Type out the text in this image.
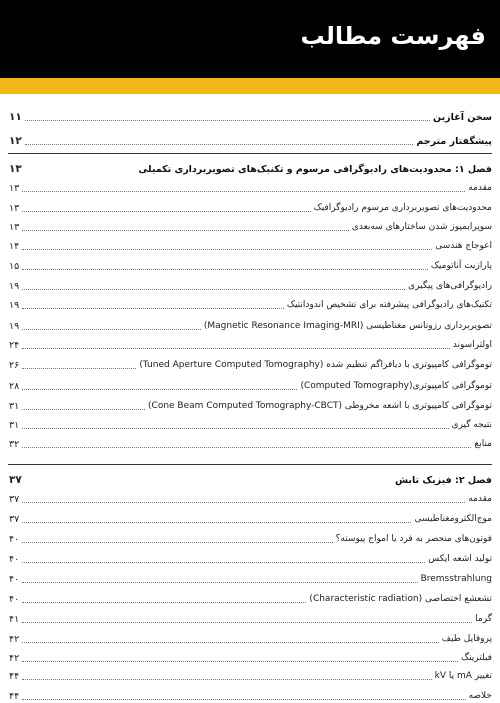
فهرست مطالب
سخن آغازین
۱۱
پیشگفتار مترجم
۱۲
فصل ۱: محدودیت‌های رادیوگرافی مرسوم و تکنیک‌های تصویربرداری تکمیلی
۱۳
مقدمه
۱۳
محدودیت‌های تصویربرداری مرسوم رادیوگرافیک
۱۳
سوپرایمپوز شدن ساختارهای سه‌بعدی
۱۳
اعوجاج هندسی
۱۴
پارازیت آناتومیک
۱۵
رادیوگرافی‌های پیگیری
۱۹
تکنیک‌های رادیوگرافی پیشرفته برای تشخیص اندودانتیک
۱۹
تصویربرداری رزونانس مغناطیسی (Magnetic Resonance Imaging-MRI)
۱۹
اولتراسوند
۲۴
توموگرافی کامپیوتری با دیافراگم تنظیم شده (Tuned Aperture Computed Tomography)
۲۶
توموگرافی کامپیوتری(Computed Tomography)
۲۸
توموگرافی کامپیوتری با اشعه مخروطی (Cone Beam Computed Tomography-CBCT)
۳۱
نتیجه گیری
۳۱
منابع
۳۲
فصل ۲: فیزیک تابش
۳۷
مقدمه
۳۷
موج‌الکترومغناطیسی
۳۷
فوتون‌های منحصر به فرد یا امواج پیوسته؟
۴۰
تولید اشعه ایکس
۴۰
Bremsstrahlung
۴۰
تشعشع اختصاصی (Characteristic radiation)
۴۰
گرما
۴۱
پروفایل طیف
۴۲
فیلترینگ
۴۲
تغییر mA یا kV
۴۴
خلاصه
۴۴
